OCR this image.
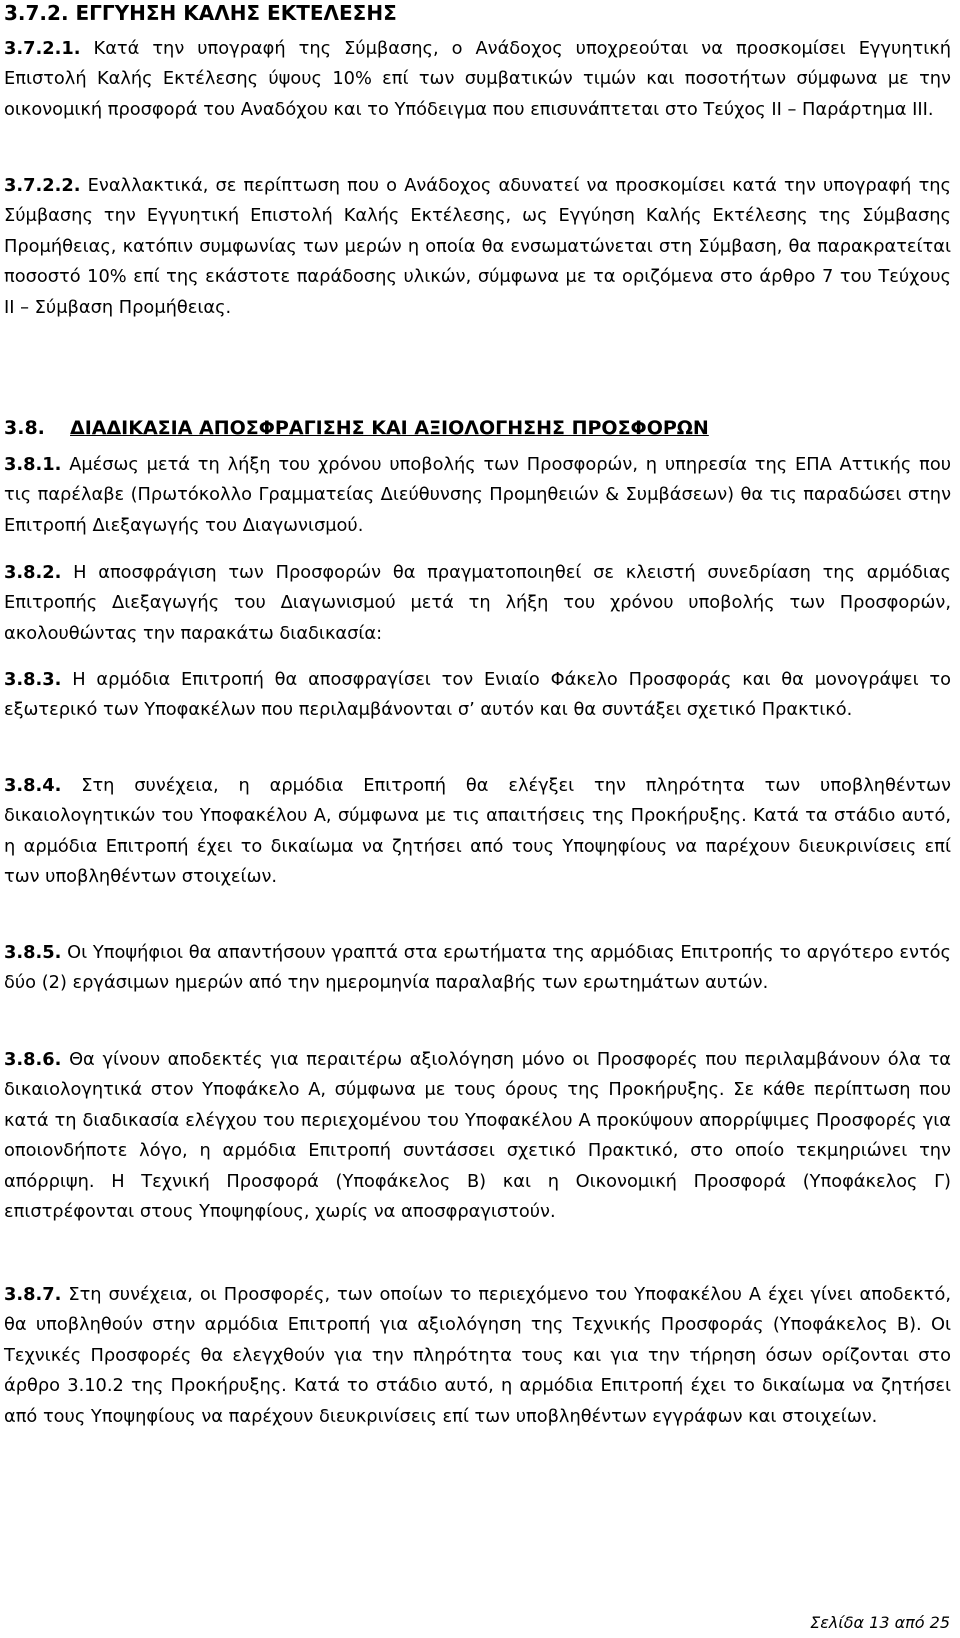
3.7.2. ΕΓΓΥΗΣΗ ΚΑΛΗΣ ΕΚΤΕΛΕΣΗΣ

3.7.2.1. Κατά την υπογραφή της Σύμβασης, ο Ανάδοχος υποχρεούται να προσκομίσει Εγγυητική Επιστολή Καλής Εκτέλεσης ύψους 10% επί των συμβατικών τιμών και ποσοτήτων σύμφωνα με την οικονομική προσφορά του Αναδόχου και το Υπόδειγμα που επισυνάπτεται στο Τεύχος ΙΙ – Παράρτημα ΙΙΙ.

3.7.2.2. Εναλλακτικά, σε περίπτωση που ο Ανάδοχος αδυνατεί να προσκομίσει κατά την υπογραφή της Σύμβασης την Εγγυητική Επιστολή Καλής Εκτέλεσης, ως Εγγύηση Καλής Εκτέλεσης της Σύμβασης Προμήθειας, κατόπιν συμφωνίας των μερών η οποία θα ενσωματώνεται στη Σύμβαση, θα παρακρατείται ποσοστό 10% επί της εκάστοτε παράδοσης υλικών, σύμφωνα με τα οριζόμενα στο άρθρο 7 του Τεύχους ΙΙ – Σύμβαση Προμήθειας.

3.8. ΔΙΑΔΙΚΑΣΙΑ ΑΠΟΣΦΡΑΓΙΣΗΣ ΚΑΙ ΑΞΙΟΛΟΓΗΣΗΣ ΠΡΟΣΦΟΡΩΝ

3.8.1. Αμέσως μετά τη λήξη του χρόνου υποβολής των Προσφορών, η υπηρεσία της ΕΠΑ Αττικής που τις παρέλαβε (Πρωτόκολλο Γραμματείας Διεύθυνσης Προμηθειών & Συμβάσεων) θα τις παραδώσει στην Επιτροπή Διεξαγωγής του Διαγωνισμού.

3.8.2. Η αποσφράγιση των Προσφορών θα πραγματοποιηθεί σε κλειστή συνεδρίαση της αρμόδιας Επιτροπής Διεξαγωγής του Διαγωνισμού μετά τη λήξη του χρόνου υποβολής των Προσφορών, ακολουθώντας την παρακάτω διαδικασία:

3.8.3. Η αρμόδια Επιτροπή θα αποσφραγίσει τον Ενιαίο Φάκελο Προσφοράς και θα μονογράψει το εξωτερικό των Υποφακέλων που περιλαμβάνονται σ’ αυτόν και θα συντάξει σχετικό Πρακτικό.

3.8.4. Στη συνέχεια, η αρμόδια Επιτροπή θα ελέγξει την πληρότητα των υποβληθέντων δικαιολογητικών του Υποφακέλου Α, σύμφωνα με τις απαιτήσεις της Προκήρυξης. Κατά τα στάδιο αυτό, η αρμόδια Επιτροπή έχει το δικαίωμα να ζητήσει από τους Υποψηφίους να παρέχουν διευκρινίσεις επί των υποβληθέντων στοιχείων.

3.8.5. Οι Υποψήφιοι θα απαντήσουν γραπτά στα ερωτήματα της αρμόδιας Επιτροπής το αργότερο εντός δύο (2) εργάσιμων ημερών από την ημερομηνία παραλαβής των ερωτημάτων αυτών.

3.8.6. Θα γίνουν αποδεκτές για περαιτέρω αξιολόγηση μόνο οι Προσφορές που περιλαμβάνουν όλα τα δικαιολογητικά στον Υποφάκελο Α, σύμφωνα με τους όρους της Προκήρυξης. Σε κάθε περίπτωση που κατά τη διαδικασία ελέγχου του περιεχομένου του Υποφακέλου Α προκύψουν απορρίψιμες Προσφορές για οποιονδήποτε λόγο, η αρμόδια Επιτροπή συντάσσει σχετικό Πρακτικό, στο οποίο τεκμηριώνει την απόρριψη. Η Τεχνική Προσφορά (Υποφάκελος Β) και η Οικονομική Προσφορά (Υποφάκελος Γ) επιστρέφονται στους Υποψηφίους, χωρίς να αποσφραγιστούν.

3.8.7. Στη συνέχεια, οι Προσφορές, των οποίων το περιεχόμενο του Υποφακέλου Α έχει γίνει αποδεκτό, θα υποβληθούν στην αρμόδια Επιτροπή για αξιολόγηση της Τεχνικής Προσφοράς (Υποφάκελος Β). Οι Τεχνικές Προσφορές θα ελεγχθούν για την πληρότητα τους και για την τήρηση όσων ορίζονται στο άρθρο 3.10.2 της Προκήρυξης. Κατά το στάδιο αυτό, η αρμόδια Επιτροπή έχει το δικαίωμα να ζητήσει από τους Υποψηφίους να παρέχουν διευκρινίσεις επί των υποβληθέντων εγγράφων και στοιχείων.

Σελίδα 13 από 25
